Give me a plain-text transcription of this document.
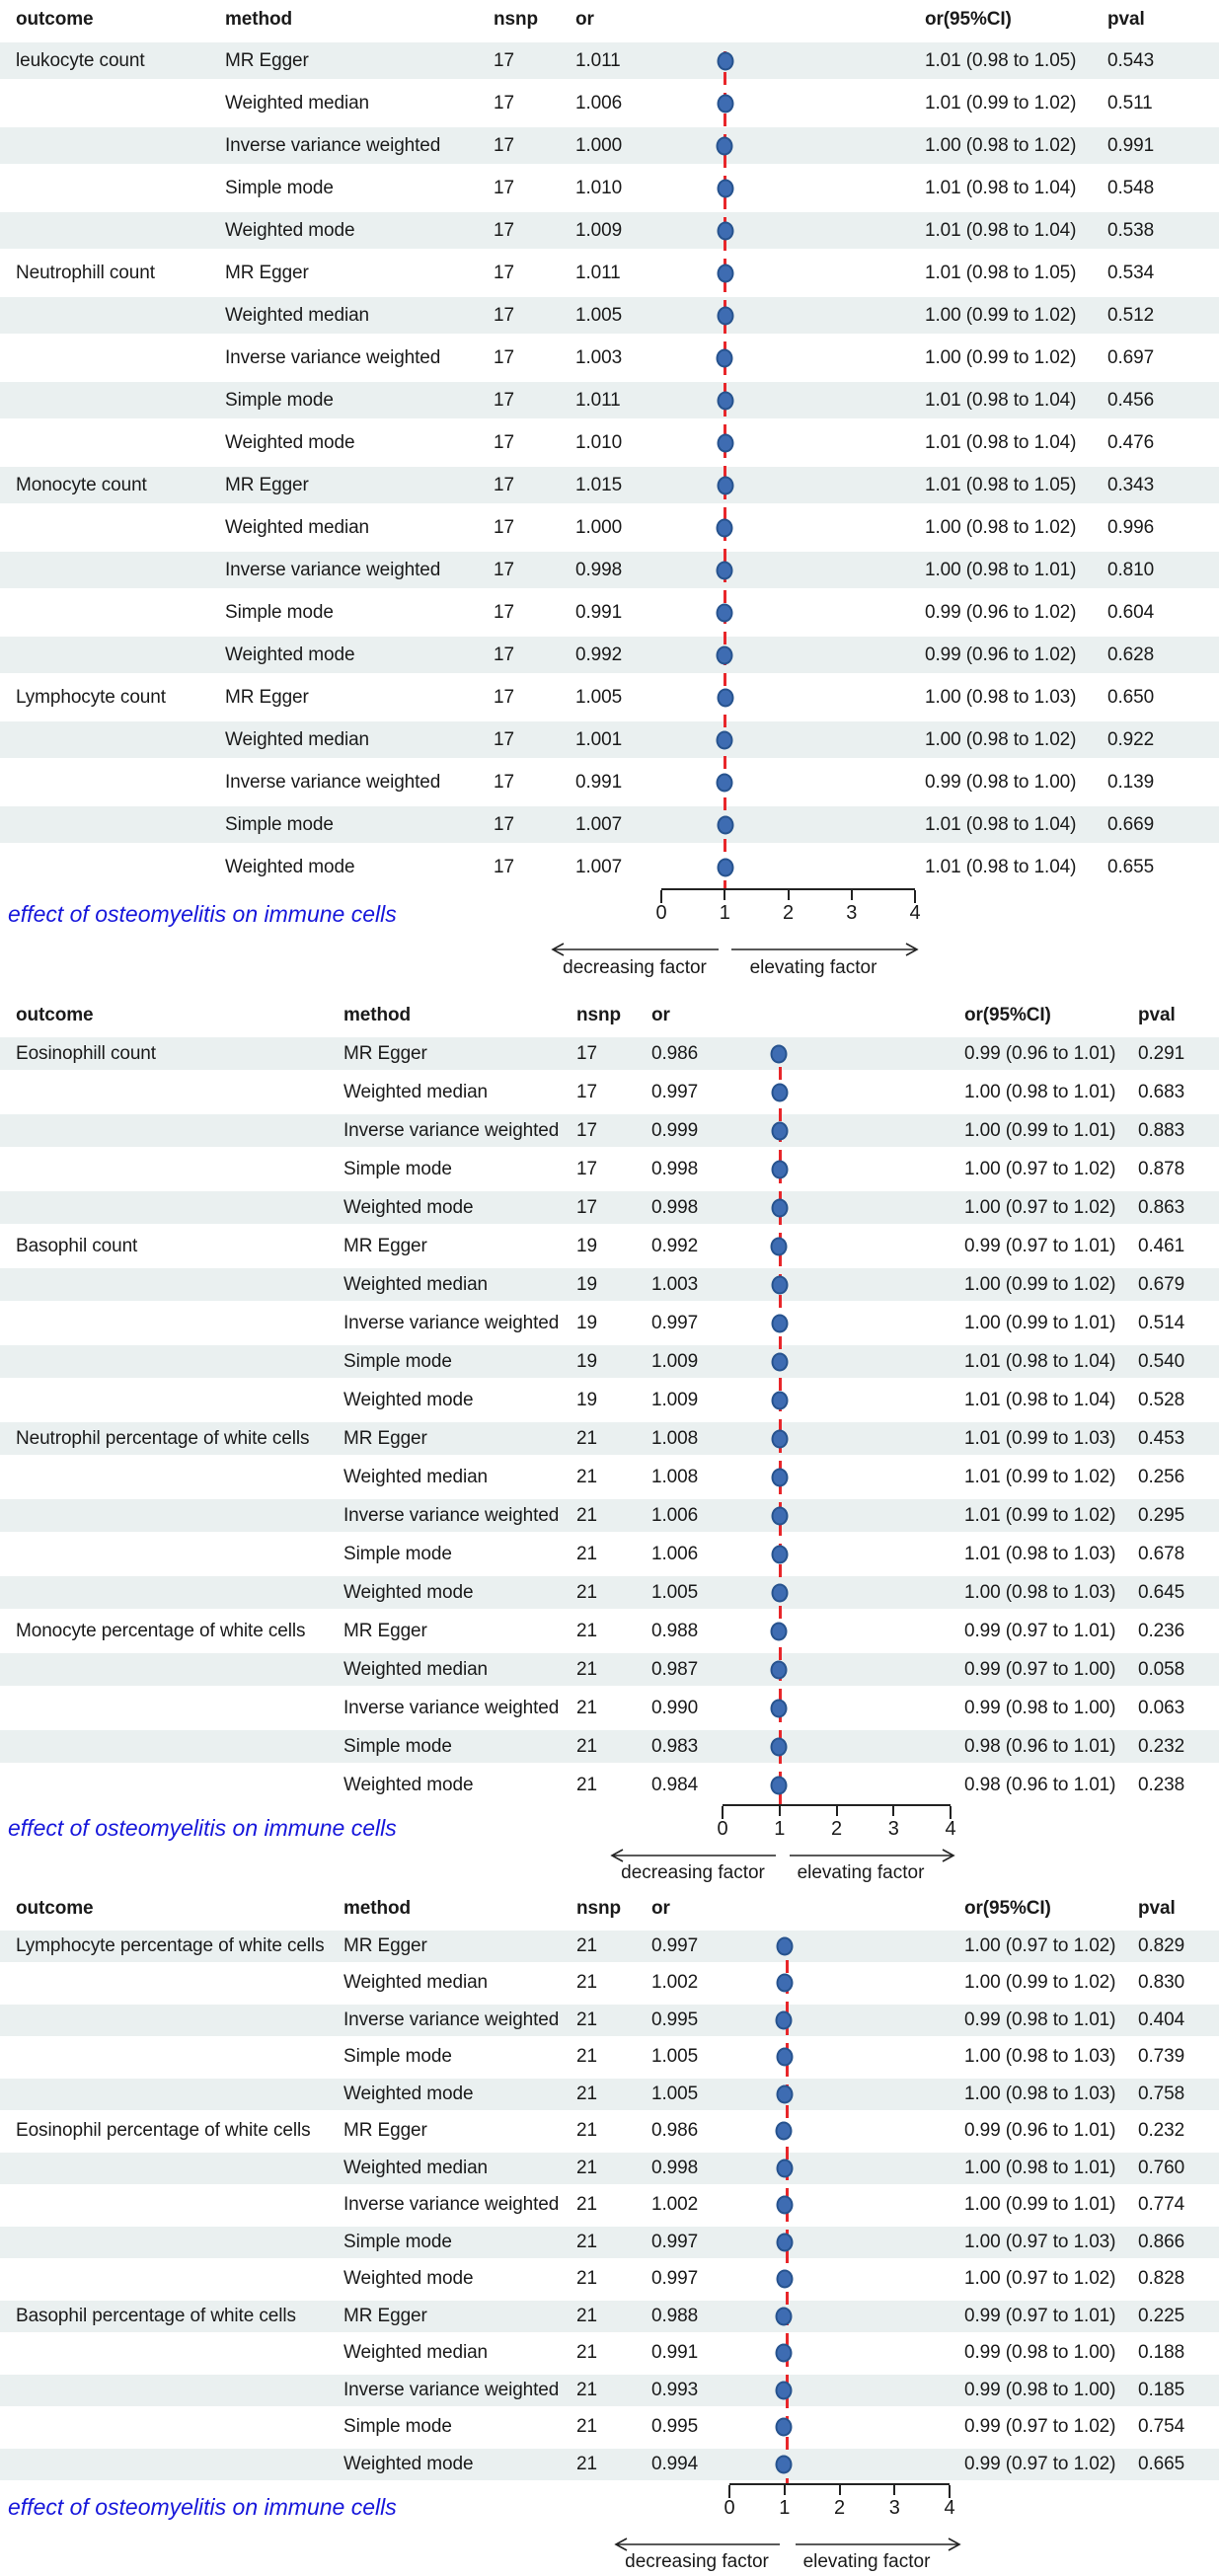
outcome	method	nsnp	or	or(95%CI)	pval
leukocyte count	MR Egger	17	1.011	1.01 (0.98 to 1.05)	0.543
Weighted median	17	1.006	1.01 (0.99 to 1.02)	0.511
Inverse variance weighted	17	1.000	1.00 (0.98 to 1.02)	0.991
Simple mode	17	1.010	1.01 (0.98 to 1.04)	0.548
Weighted mode	17	1.009	1.01 (0.98 to 1.04)	0.538
Neutrophill count	MR Egger	17	1.011	1.01 (0.98 to 1.05)	0.534
Weighted median	17	1.005	1.00 (0.99 to 1.02)	0.512
Inverse variance weighted	17	1.003	1.00 (0.99 to 1.02)	0.697
Simple mode	17	1.011	1.01 (0.98 to 1.04)	0.456
Weighted mode	17	1.010	1.01 (0.98 to 1.04)	0.476
Monocyte count	MR Egger	17	1.015	1.01 (0.98 to 1.05)	0.343
Weighted median	17	1.000	1.00 (0.98 to 1.02)	0.996
Inverse variance weighted	17	0.998	1.00 (0.98 to 1.01)	0.810
Simple mode	17	0.991	0.99 (0.96 to 1.02)	0.604
Weighted mode	17	0.992	0.99 (0.96 to 1.02)	0.628
Lymphocyte count	MR Egger	17	1.005	1.00 (0.98 to 1.03)	0.650
Weighted median	17	1.001	1.00 (0.98 to 1.02)	0.922
Inverse variance weighted	17	0.991	0.99 (0.98 to 1.00)	0.139
Simple mode	17	1.007	1.01 (0.98 to 1.04)	0.669
Weighted mode	17	1.007	1.01 (0.98 to 1.04)	0.655
effect of osteomyelitis on immune cells	0	1	2	3	4
decreasing factor	elevating factor
outcome	method	nsnp	or	or(95%CI)	pval
Eosinophill count	MR Egger	17	0.986	0.99 (0.96 to 1.01)	0.291
Weighted median	17	0.997	1.00 (0.98 to 1.01)	0.683
Inverse variance weighted 17	0.999	1.00 (0.99 to 1.01)	0.883
Simple mode	17	0.998	1.00 (0.97 to 1.02)	0.878
Weighted mode	17	0.998	1.00 (0.97 to 1.02)	0.863
Basophil count	MR Egger	19	0.992	0.99 (0.97 to 1.01)	0.461
Weighted median	19	1.003	1.00 (0.99 to 1.02)	0.679
Inverse variance weighted 19	0.997	1.00 (0.99 to 1.01)	0.514
Simple mode	19	1.009	1.01 (0.98 to 1.04)	0.540
Weighted mode	19	1.009	1.01 (0.98 to 1.04)	0.528
Neutrophil percentage of white cells	MR Egger	21	1.008	1.01 (0.99 to 1.03)	0.453
Weighted median	21	1.008	1.01 (0.99 to 1.02)	0.256
Inverse variance weighted 21	1.006	1.01 (0.99 to 1.02)	0.295
Simple mode	21	1.006	1.01 (0.98 to 1.03)	0.678
Weighted mode	21	1.005	1.00 (0.98 to 1.03)	0.645
Monocyte percentage of white cells	MR Egger	21	0.988	0.99 (0.97 to 1.01)	0.236
Weighted median	21	0.987	0.99 (0.97 to 1.00)	0.058
Inverse variance weighted 21	0.990	0.99 (0.98 to 1.00)	0.063
Simple mode	21	0.983	0.98 (0.96 to 1.01)	0.232
Weighted mode	21	0.984	0.98 (0.96 to 1.01)	0.238
effect of osteomyelitis on immune cells	0 1 2 3 4
decreasing factor	elevating factor
outcome	method	nsnp	or	or(95%CI)	pval
Lymphocyte percentage of white cells	MR Egger	21	0.997	1.00 (0.97 to 1.02)	0.829
Weighted median	21	1.002	1.00 (0.99 to 1.02)	0.830
Inverse variance weighted 21	0.995	0.99 (0.98 to 1.01)	0.404
Simple mode	21	1.005	1.00 (0.98 to 1.03)	0.739
Weighted mode	21	1.005	1.00 (0.98 to 1.03)	0.758
Eosinophil percentage of white cells	MR Egger	21	0.986	0.99 (0.96 to 1.01)	0.232
Weighted median	21	0.998	1.00 (0.98 to 1.01)	0.760
Inverse variance weighted 21	1.002	1.00 (0.99 to 1.01)	0.774
Simple mode	21	0.997	1.00 (0.97 to 1.03)	0.866
Weighted mode	21	0.997	1.00 (0.97 to 1.02)	0.828
Basophil percentage of white cells	MR Egger	21	0.988	0.99 (0.97 to 1.01)	0.225
Weighted median	21	0.991	0.99 (0.98 to 1.00)	0.188
Inverse variance weighted 21	0.993	0.99 (0.98 to 1.00)	0.185
Simple mode	21	0.995	0.99 (0.97 to 1.02)	0.754
Weighted mode	21	0.994	0.99 (0.97 to 1.02)	0.665
effect of osteomyelitis on immune cells	0 1 2 3 4
decreasing factor	elevating factor
